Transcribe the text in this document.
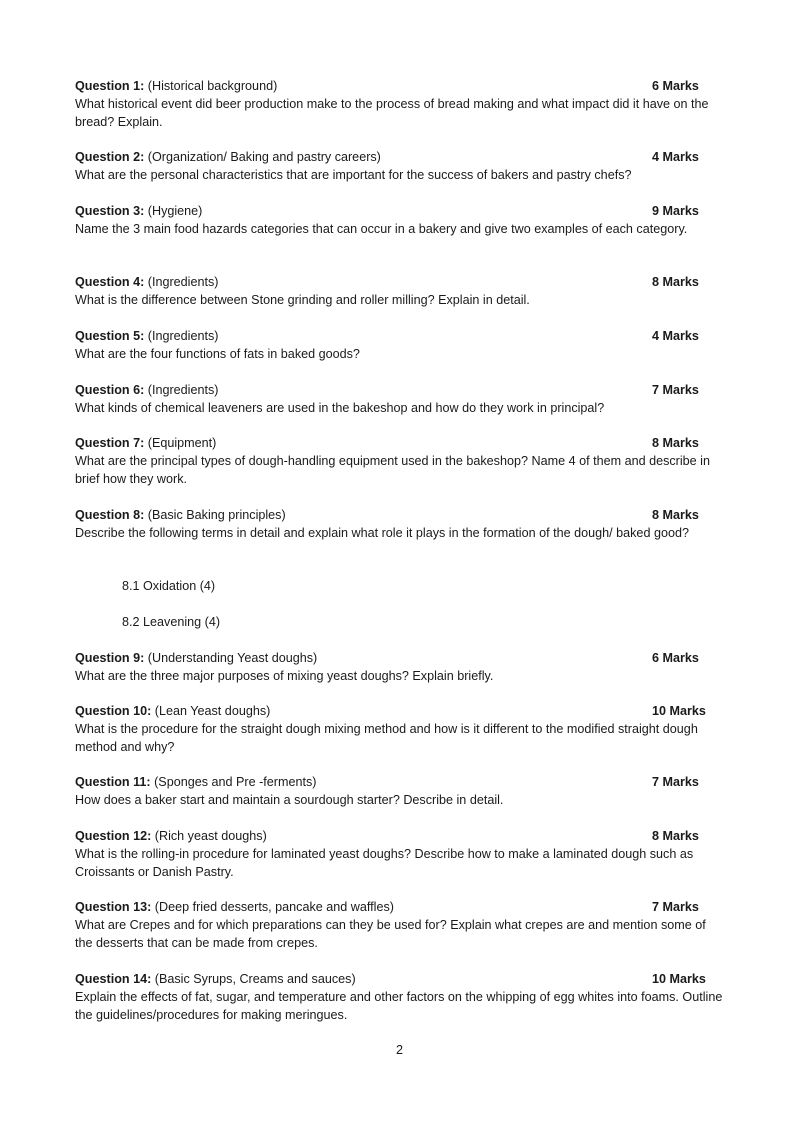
Question 1: (Historical background)	6 Marks
What historical event did beer production make to the process of bread making and what impact did it have on the bread? Explain.
Question 2: (Organization/ Baking and pastry careers)	4 Marks
What are the personal characteristics that are important for the success of bakers and pastry chefs?
Question 3: (Hygiene)	9 Marks
Name the 3 main food hazards categories that can occur in a bakery and give two examples of each category.
Question 4: (Ingredients)	8 Marks
What is the difference between Stone grinding and roller milling? Explain in detail.
Question 5: (Ingredients)	4 Marks
What are the four functions of fats in baked goods?
Question 6: (Ingredients)	7 Marks
What kinds of chemical leaveners are used in the bakeshop and how do they work in principal?
Question 7: (Equipment)	8 Marks
What are the principal types of dough-handling equipment used in the bakeshop? Name 4 of them and describe in brief how they work.
Question 8: (Basic Baking principles)	8 Marks
Describe the following terms in detail and explain what role it plays in the formation of the dough/ baked good?
Question 9: (Understanding Yeast doughs)	6 Marks
What are the three major purposes of mixing yeast doughs? Explain briefly.
Question 10: (Lean Yeast doughs)	10 Marks
What is the procedure for the straight dough mixing method and how is it different to the modified straight dough method and why?
Question 11: (Sponges and Pre -ferments)	7 Marks
How does a baker start and maintain a sourdough starter? Describe in detail.
Question 12: (Rich yeast doughs)	8 Marks
What is the rolling-in procedure for laminated yeast doughs? Describe how to make a laminated dough such as Croissants or Danish Pastry.
Question 13: (Deep fried desserts, pancake and waffles)	7 Marks
What are Crepes and for which preparations can they be used for? Explain what crepes are and mention some of the desserts that can be made from crepes.
Question 14: (Basic Syrups, Creams and sauces)	10 Marks
Explain the effects of fat, sugar, and temperature and other factors on the whipping of egg whites into foams. Outline the guidelines/procedures for making meringues.
8.1 Oxidation (4)
8.2 Leavening (4)
2
